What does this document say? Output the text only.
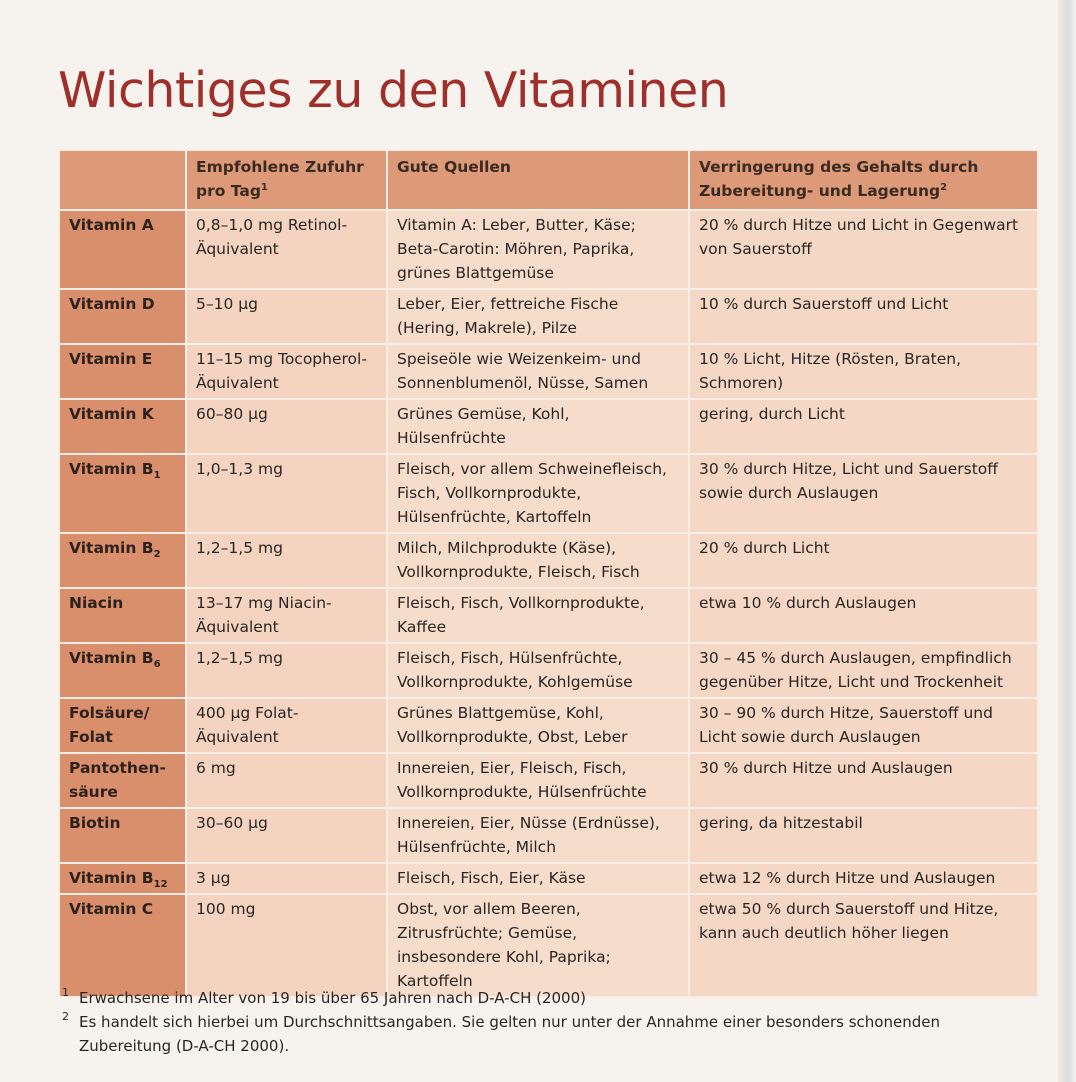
Wichtiges zu den Vitaminen
	Empfohlene Zufuhr pro Tag$^1$	Gute Quellen	Verringerung des Gehalts durch Zubereitung- und Lagerung$^2$
Vitamin A	0,8–1,0 mg Retinol-Äquivalent	Vitamin A: Leber, Butter, Käse; Beta-Carotin: Möhren, Paprika, grünes Blattgemüse	20 % durch Hitze und Licht in Gegenwart von Sauerstoff
Vitamin D	5–10 µg	Leber, Eier, fettreiche Fische (Hering, Makrele), Pilze	10 % durch Sauerstoff und Licht
Vitamin E	11–15 mg Tocopherol-Äquivalent	Speiseöle wie Weizenkeim- und Sonnenblumenöl, Nüsse, Samen	10 % Licht, Hitze (Rösten, Braten, Schmoren)
Vitamin K	60–80 µg	Grünes Gemüse, Kohl, Hülsenfrüchte	gering, durch Licht
Vitamin $B_1$	1,0–1,3 mg	Fleisch, vor allem Schweinefleisch, Fisch, Vollkornprodukte, Hülsenfrüchte, Kartoffeln	30 % durch Hitze, Licht und Sauerstoff sowie durch Auslaugen
Vitamin $B_2$	1,2–1,5 mg	Milch, Milchprodukte (Käse), Vollkornprodukte, Fleisch, Fisch	20 % durch Licht
Niacin	13–17 mg Niacin-Äquivalent	Fleisch, Fisch, Vollkornprodukte, Kaffee	etwa 10 % durch Auslaugen
Vitamin $B_6$	1,2–1,5 mg	Fleisch, Fisch, Hülsenfrüchte, Vollkornprodukte, Kohlgemüse	30 – 45 % durch Auslaugen, empfindlich gegenüber Hitze, Licht und Trockenheit
Folsäure/ Folat	400 µg Folat-Äquivalent	Grünes Blattgemüse, Kohl, Vollkornprodukte, Obst, Leber	30 – 90 % durch Hitze, Sauerstoff und Licht sowie durch Auslaugen
Pantothen-säure	6 mg	Innereien, Eier, Fleisch, Fisch, Vollkornprodukte, Hülsenfrüchte	30 % durch Hitze und Auslaugen
Biotin	30–60 µg	Innereien, Eier, Nüsse (Erdnüsse), Hülsenfrüchte, Milch	gering, da hitzestabil
Vitamin $B_{12}$	3 µg	Fleisch, Fisch, Eier, Käse	etwa 12 % durch Hitze und Auslaugen
Vitamin C	100 mg	Obst, vor allem Beeren, Zitrusfrüchte; Gemüse, insbesondere Kohl, Paprika; Kartoffeln	etwa 50 % durch Sauerstoff und Hitze, kann auch deutlich höher liegen
1 Erwachsene im Alter von 19 bis über 65 Jahren nach D-A-CH (2000)
2 Es handelt sich hierbei um Durchschnittsangaben. Sie gelten nur unter der Annahme einer besonders schonenden Zubereitung (D-A-CH 2000).
